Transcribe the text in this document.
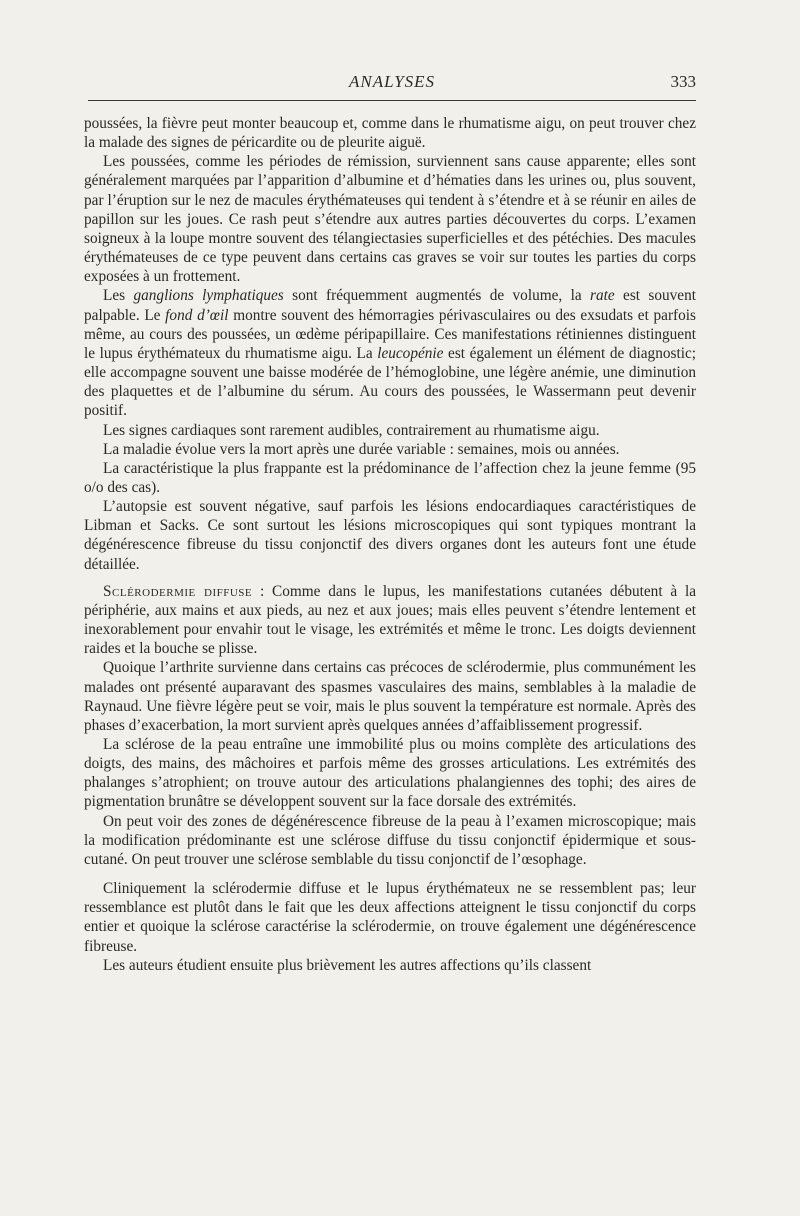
ANALYSES	333

poussées, la fièvre peut monter beaucoup et, comme dans le rhumatisme aigu, on peut trouver chez la malade des signes de péricardite ou de pleurite aiguë.

Les poussées, comme les périodes de rémission, surviennent sans cause apparente; elles sont généralement marquées par l’apparition d’albumine et d’hématies dans les urines ou, plus souvent, par l’éruption sur le nez de macules érythémateuses qui tendent à s’étendre et à se réunir en ailes de papillon sur les joues. Ce rash peut s’étendre aux autres parties découvertes du corps. L’examen soigneux à la loupe montre souvent des télangiectasies superficielles et des pétéchies. Des macules érythémateuses de ce type peuvent dans certains cas graves se voir sur toutes les parties du corps exposées à un frottement.

Les ganglions lymphatiques sont fréquemment augmentés de volume, la rate est souvent palpable. Le fond d’œil montre souvent des hémorragies périvasculaires ou des exsudats et parfois même, au cours des poussées, un œdème péripapillaire. Ces manifestations rétiniennes distinguent le lupus érythémateux du rhumatisme aigu. La leucopénie est également un élément de diagnostic; elle accompagne souvent une baisse modérée de l’hémoglobine, une légère anémie, une diminution des plaquettes et de l’albumine du sérum. Au cours des poussées, le Wassermann peut devenir positif.

Les signes cardiaques sont rarement audibles, contrairement au rhumatisme aigu.

La maladie évolue vers la mort après une durée variable : semaines, mois ou années.

La caractéristique la plus frappante est la prédominance de l’affection chez la jeune femme (95 o/o des cas).

L’autopsie est souvent négative, sauf parfois les lésions endocardiaques caractéristiques de Libman et Sacks. Ce sont surtout les lésions microscopiques qui sont typiques montrant la dégénérescence fibreuse du tissu conjonctif des divers organes dont les auteurs font une étude détaillée.

Sclérodermie diffuse : Comme dans le lupus, les manifestations cutanées débutent à la périphérie, aux mains et aux pieds, au nez et aux joues; mais elles peuvent s’étendre lentement et inexorablement pour envahir tout le visage, les extrémités et même le tronc. Les doigts deviennent raides et la bouche se plisse.

Quoique l’arthrite survienne dans certains cas précoces de sclérodermie, plus communément les malades ont présenté auparavant des spasmes vasculaires des mains, semblables à la maladie de Raynaud. Une fièvre légère peut se voir, mais le plus souvent la température est normale. Après des phases d’exacerbation, la mort survient après quelques années d’affaiblissement progressif.

La sclérose de la peau entraîne une immobilité plus ou moins complète des articulations des doigts, des mains, des mâchoires et parfois même des grosses articulations. Les extrémités des phalanges s’atrophient; on trouve autour des articulations phalangiennes des tophi; des aires de pigmentation brunâtre se développent souvent sur la face dorsale des extrémités.

On peut voir des zones de dégénérescence fibreuse de la peau à l’examen microscopique; mais la modification prédominante est une sclérose diffuse du tissu conjonctif épidermique et sous-cutané. On peut trouver une sclérose semblable du tissu conjonctif de l’œsophage.

Cliniquement la sclérodermie diffuse et le lupus érythémateux ne se ressemblent pas; leur ressemblance est plutôt dans le fait que les deux affections atteignent le tissu conjonctif du corps entier et quoique la sclérose caractérise la sclérodermie, on trouve également une dégénérescence fibreuse.

Les auteurs étudient ensuite plus brièvement les autres affections qu’ils classent
